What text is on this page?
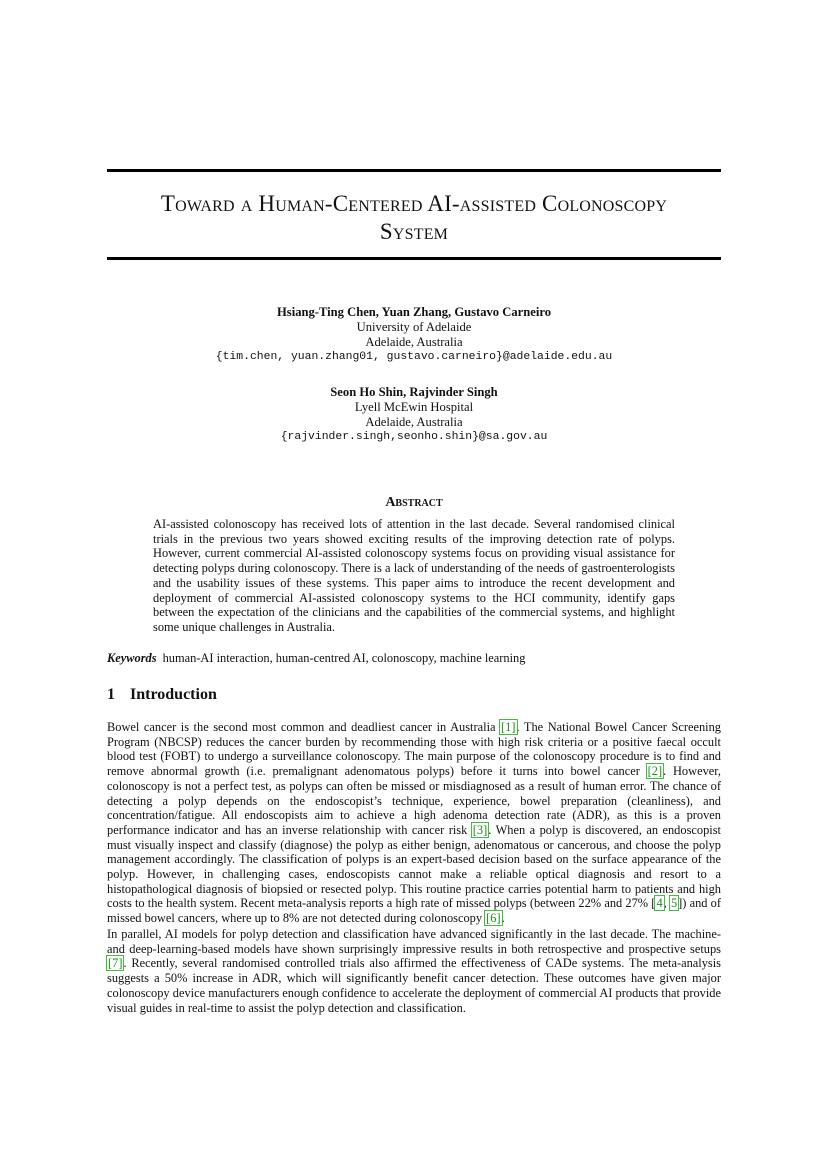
Toward a Human-Centered AI-assisted Colonoscopy
System
Hsiang-Ting Chen, Yuan Zhang, Gustavo Carneiro
University of Adelaide
Adelaide, Australia
{tim.chen, yuan.zhang01, gustavo.carneiro}@adelaide.edu.au
Seon Ho Shin, Rajvinder Singh
Lyell McEwin Hospital
Adelaide, Australia
{rajvinder.singh,seonho.shin}@sa.gov.au
Abstract
AI-assisted colonoscopy has received lots of attention in the last decade. Several randomised clinical trials in the previous two years showed exciting results of the improving detection rate of polyps. However, current commercial AI-assisted colonoscopy systems focus on providing visual assistance for detecting polyps during colonoscopy. There is a lack of understanding of the needs of gastroenterologists and the usability issues of these systems. This paper aims to introduce the recent development and deployment of commercial AI-assisted colonoscopy systems to the HCI community, identify gaps between the expectation of the clinicians and the capabilities of the commercial systems, and highlight some unique challenges in Australia.
Keywords human-AI interaction, human-centred AI, colonoscopy, machine learning
1 Introduction

Bowel cancer is the second most common and deadliest cancer in Australia [1]. The National Bowel Cancer Screening Program (NBCSP) reduces the cancer burden by recommending those with high risk criteria or a positive faecal occult blood test (FOBT) to undergo a surveillance colonoscopy. The main purpose of the colonoscopy procedure is to find and remove abnormal growth (i.e. premalignant adenomatous polyps) before it turns into bowel cancer [2]. However, colonoscopy is not a perfect test, as polyps can often be missed or misdiagnosed as a result of human error. The chance of detecting a polyp depends on the endoscopist’s technique, experience, bowel preparation (cleanliness), and concentration/fatigue. All endoscopists aim to achieve a high adenoma detection rate (ADR), as this is a proven performance indicator and has an inverse relationship with cancer risk [3]. When a polyp is discovered, an endoscopist must visually inspect and classify (diagnose) the polyp as either benign, adenomatous or cancerous, and choose the polyp management accordingly. The classification of polyps is an expert-based decision based on the surface appearance of the polyp. However, in challenging cases, endoscopists cannot make a reliable optical diagnosis and resort to a histopathological diagnosis of biopsied or resected polyp. This routine practice carries potential harm to patients and high costs to the health system. Recent meta-analysis reports a high rate of missed polyps (between 22% and 27% [4, 5]) and of missed bowel cancers, where up to 8% are not detected during colonoscopy [6].

In parallel, AI models for polyp detection and classification have advanced significantly in the last decade. The machine- and deep-learning-based models have shown surprisingly impressive results in both retrospective and prospective setups [7]. Recently, several randomised controlled trials also affirmed the effectiveness of CADe systems. The meta-analysis suggests a 50% increase in ADR, which will significantly benefit cancer detection. These outcomes have given major colonoscopy device manufacturers enough confidence to accelerate the deployment of commercial AI products that provide visual guides in real-time to assist the polyp detection and classification.
